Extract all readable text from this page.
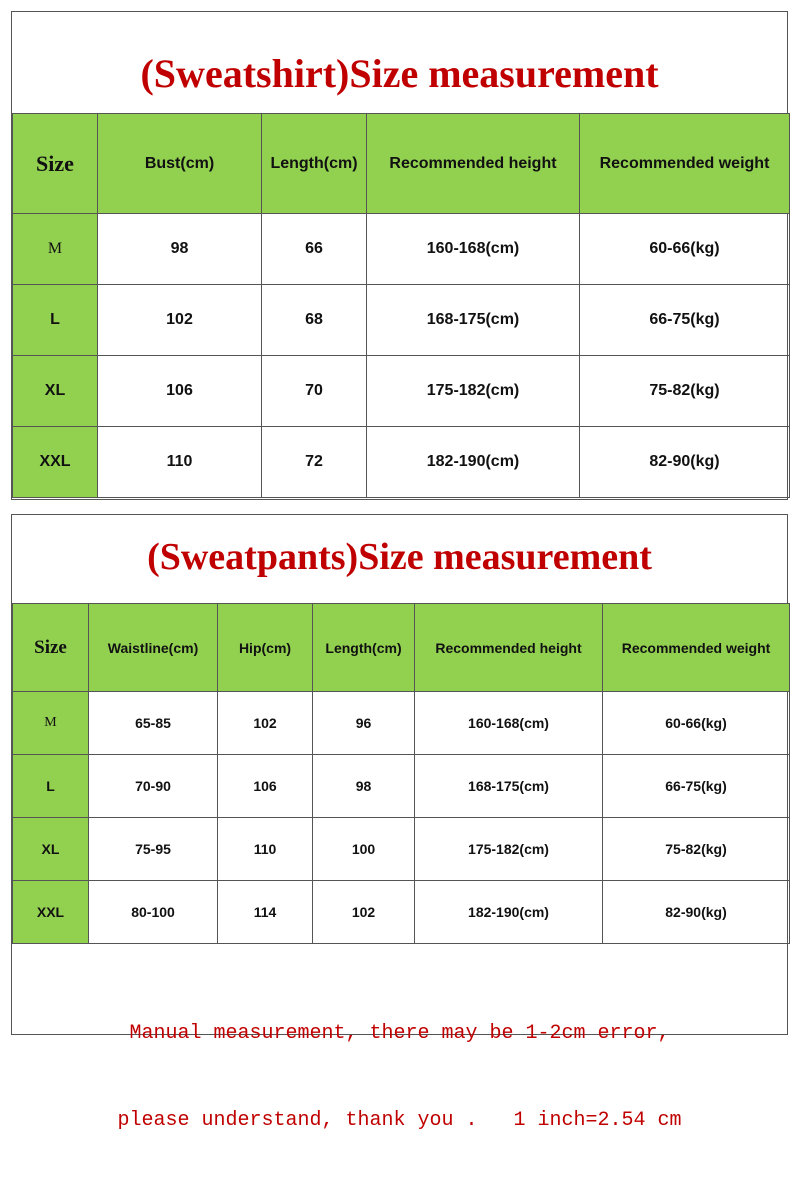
(Sweatshirt)Size measurement
Size	Bust(cm)	Length(cm)	Recommended height	Recommended weight
M	98	66	160-168(cm)	60-66(kg)
L	102	68	168-175(cm)	66-75(kg)
XL	106	70	175-182(cm)	75-82(kg)
XXL	110	72	182-190(cm)	82-90(kg)
(Sweatpants)Size measurement
Size	Waistline(cm)	Hip(cm)	Length(cm)	Recommended height	Recommended weight
M	65-85	102	96	160-168(cm)	60-66(kg)
L	70-90	106	98	168-175(cm)	66-75(kg)
XL	75-95	110	100	175-182(cm)	75-82(kg)
XXL	80-100	114	102	182-190(cm)	82-90(kg)

Manual measurement, there may be 1-2cm error,

please understand, thank you .   1 inch=2.54 cm
